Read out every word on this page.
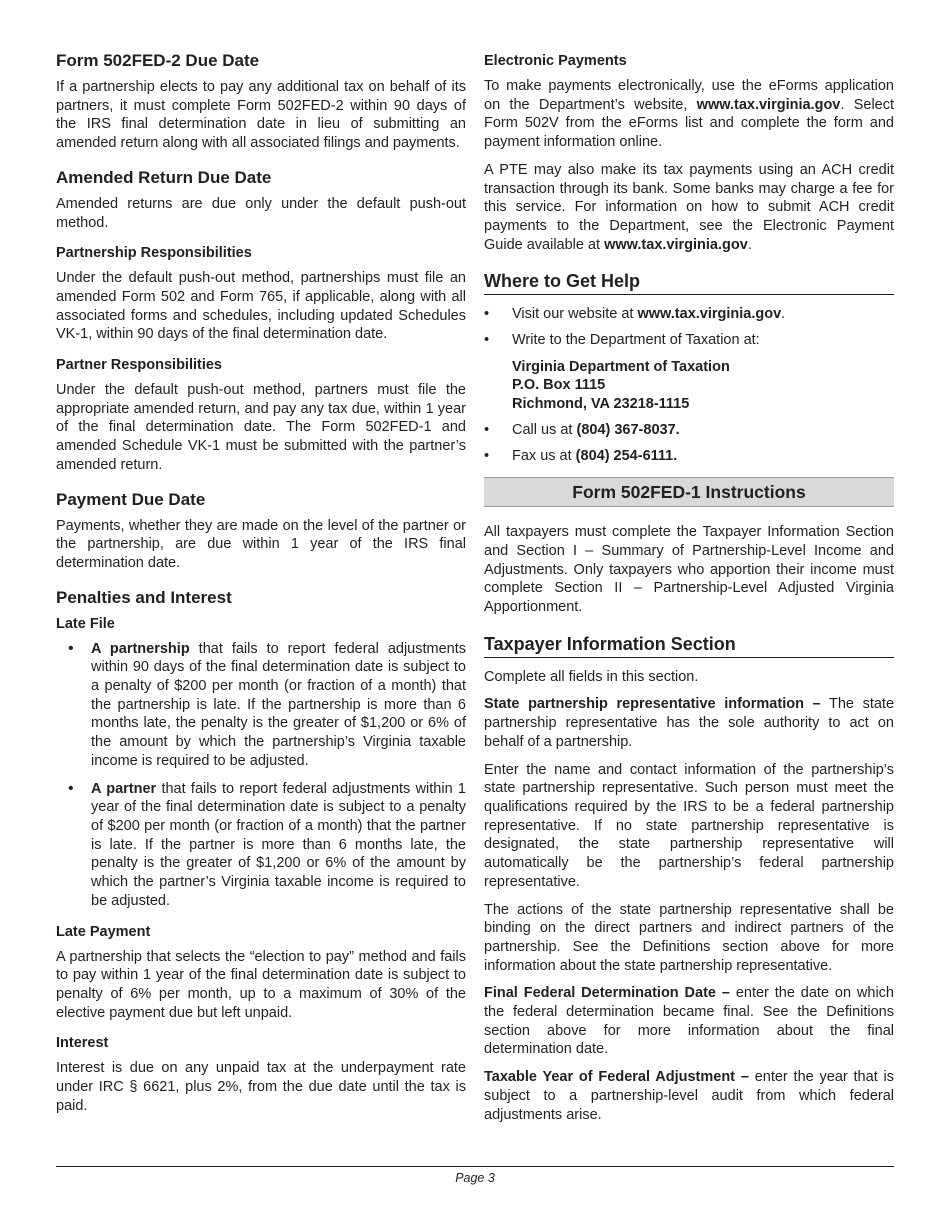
Form 502FED-2 Due Date

If a partnership elects to pay any additional tax on behalf of its partners, it must complete Form 502FED-2 within 90 days of the IRS final determination date in lieu of submitting an amended return along with all associated filings and payments.

Amended Return Due Date

Amended returns are due only under the default push-out method.

Partnership Responsibilities

Under the default push-out method, partnerships must file an amended Form 502 and Form 765, if applicable, along with all associated forms and schedules, including updated Schedules VK-1, within 90 days of the final determination date.

Partner Responsibilities

Under the default push-out method, partners must file the appropriate amended return, and pay any tax due, within 1 year of the final determination date. The Form 502FED-1 and amended Schedule VK-1 must be submitted with the partner’s amended return.

Payment Due Date

Payments, whether they are made on the level of the partner or the partnership, are due within 1 year of the IRS final determination date.

Penalties and Interest
Late File
• A partnership that fails to report federal adjustments within 90 days of the final determination date is subject to a penalty of $200 per month (or fraction of a month) that the partnership is late. If the partnership is more than 6 months late, the penalty is the greater of $1,200 or 6% of the amount by which the partnership’s Virginia taxable income is required to be adjusted.
• A partner that fails to report federal adjustments within 1 year of the final determination date is subject to a penalty of $200 per month (or fraction of a month) that the partner is late. If the partner is more than 6 months late, the penalty is the greater of $1,200 or 6% of the amount by which the partner’s Virginia taxable income is required to be adjusted.
Late Payment

A partnership that selects the “election to pay” method and fails to pay within 1 year of the final determination date is subject to penalty of 6% per month, up to a maximum of 30% of the elective payment due but left unpaid.

Interest

Interest is due on any unpaid tax at the underpayment rate under IRC § 6621, plus 2%, from the due date until the tax is paid.

Electronic Payments

To make payments electronically, use the eForms application on the Department’s website, www.tax.virginia.gov. Select Form 502V from the eForms list and complete the form and payment information online.

A PTE may also make its tax payments using an ACH credit transaction through its bank. Some banks may charge a fee for this service. For information on how to submit ACH credit payments to the Department, see the Electronic Payment Guide available at www.tax.virginia.gov.

Where to Get Help
• Visit our website at www.tax.virginia.gov.
• Write to the Department of Taxation at:
Virginia Department of Taxation
P.O. Box 1115
Richmond, VA 23218-1115
• Call us at (804) 367-8037.
• Fax us at (804) 254-6111.
Form 502FED-1 Instructions

All taxpayers must complete the Taxpayer Information Section and Section I – Summary of Partnership-Level Income and Adjustments. Only taxpayers who apportion their income must complete Section II – Partnership-Level Adjusted Virginia Apportionment.

Taxpayer Information Section

Complete all fields in this section.

State partnership representative information – The state partnership representative has the sole authority to act on behalf of a partnership.

Enter the name and contact information of the partnership’s state partnership representative. Such person must meet the qualifications required by the IRS to be a federal partnership representative. If no state partnership representative is designated, the state partnership representative will automatically be the partnership’s federal partnership representative.

The actions of the state partnership representative shall be binding on the direct partners and indirect partners of the partnership. See the Definitions section above for more information about the state partnership representative.

Final Federal Determination Date – enter the date on which the federal determination became final. See the Definitions section above for more information about the final determination date.

Taxable Year of Federal Adjustment – enter the year that is subject to a partnership-level audit from which federal adjustments arise.

Page 3
